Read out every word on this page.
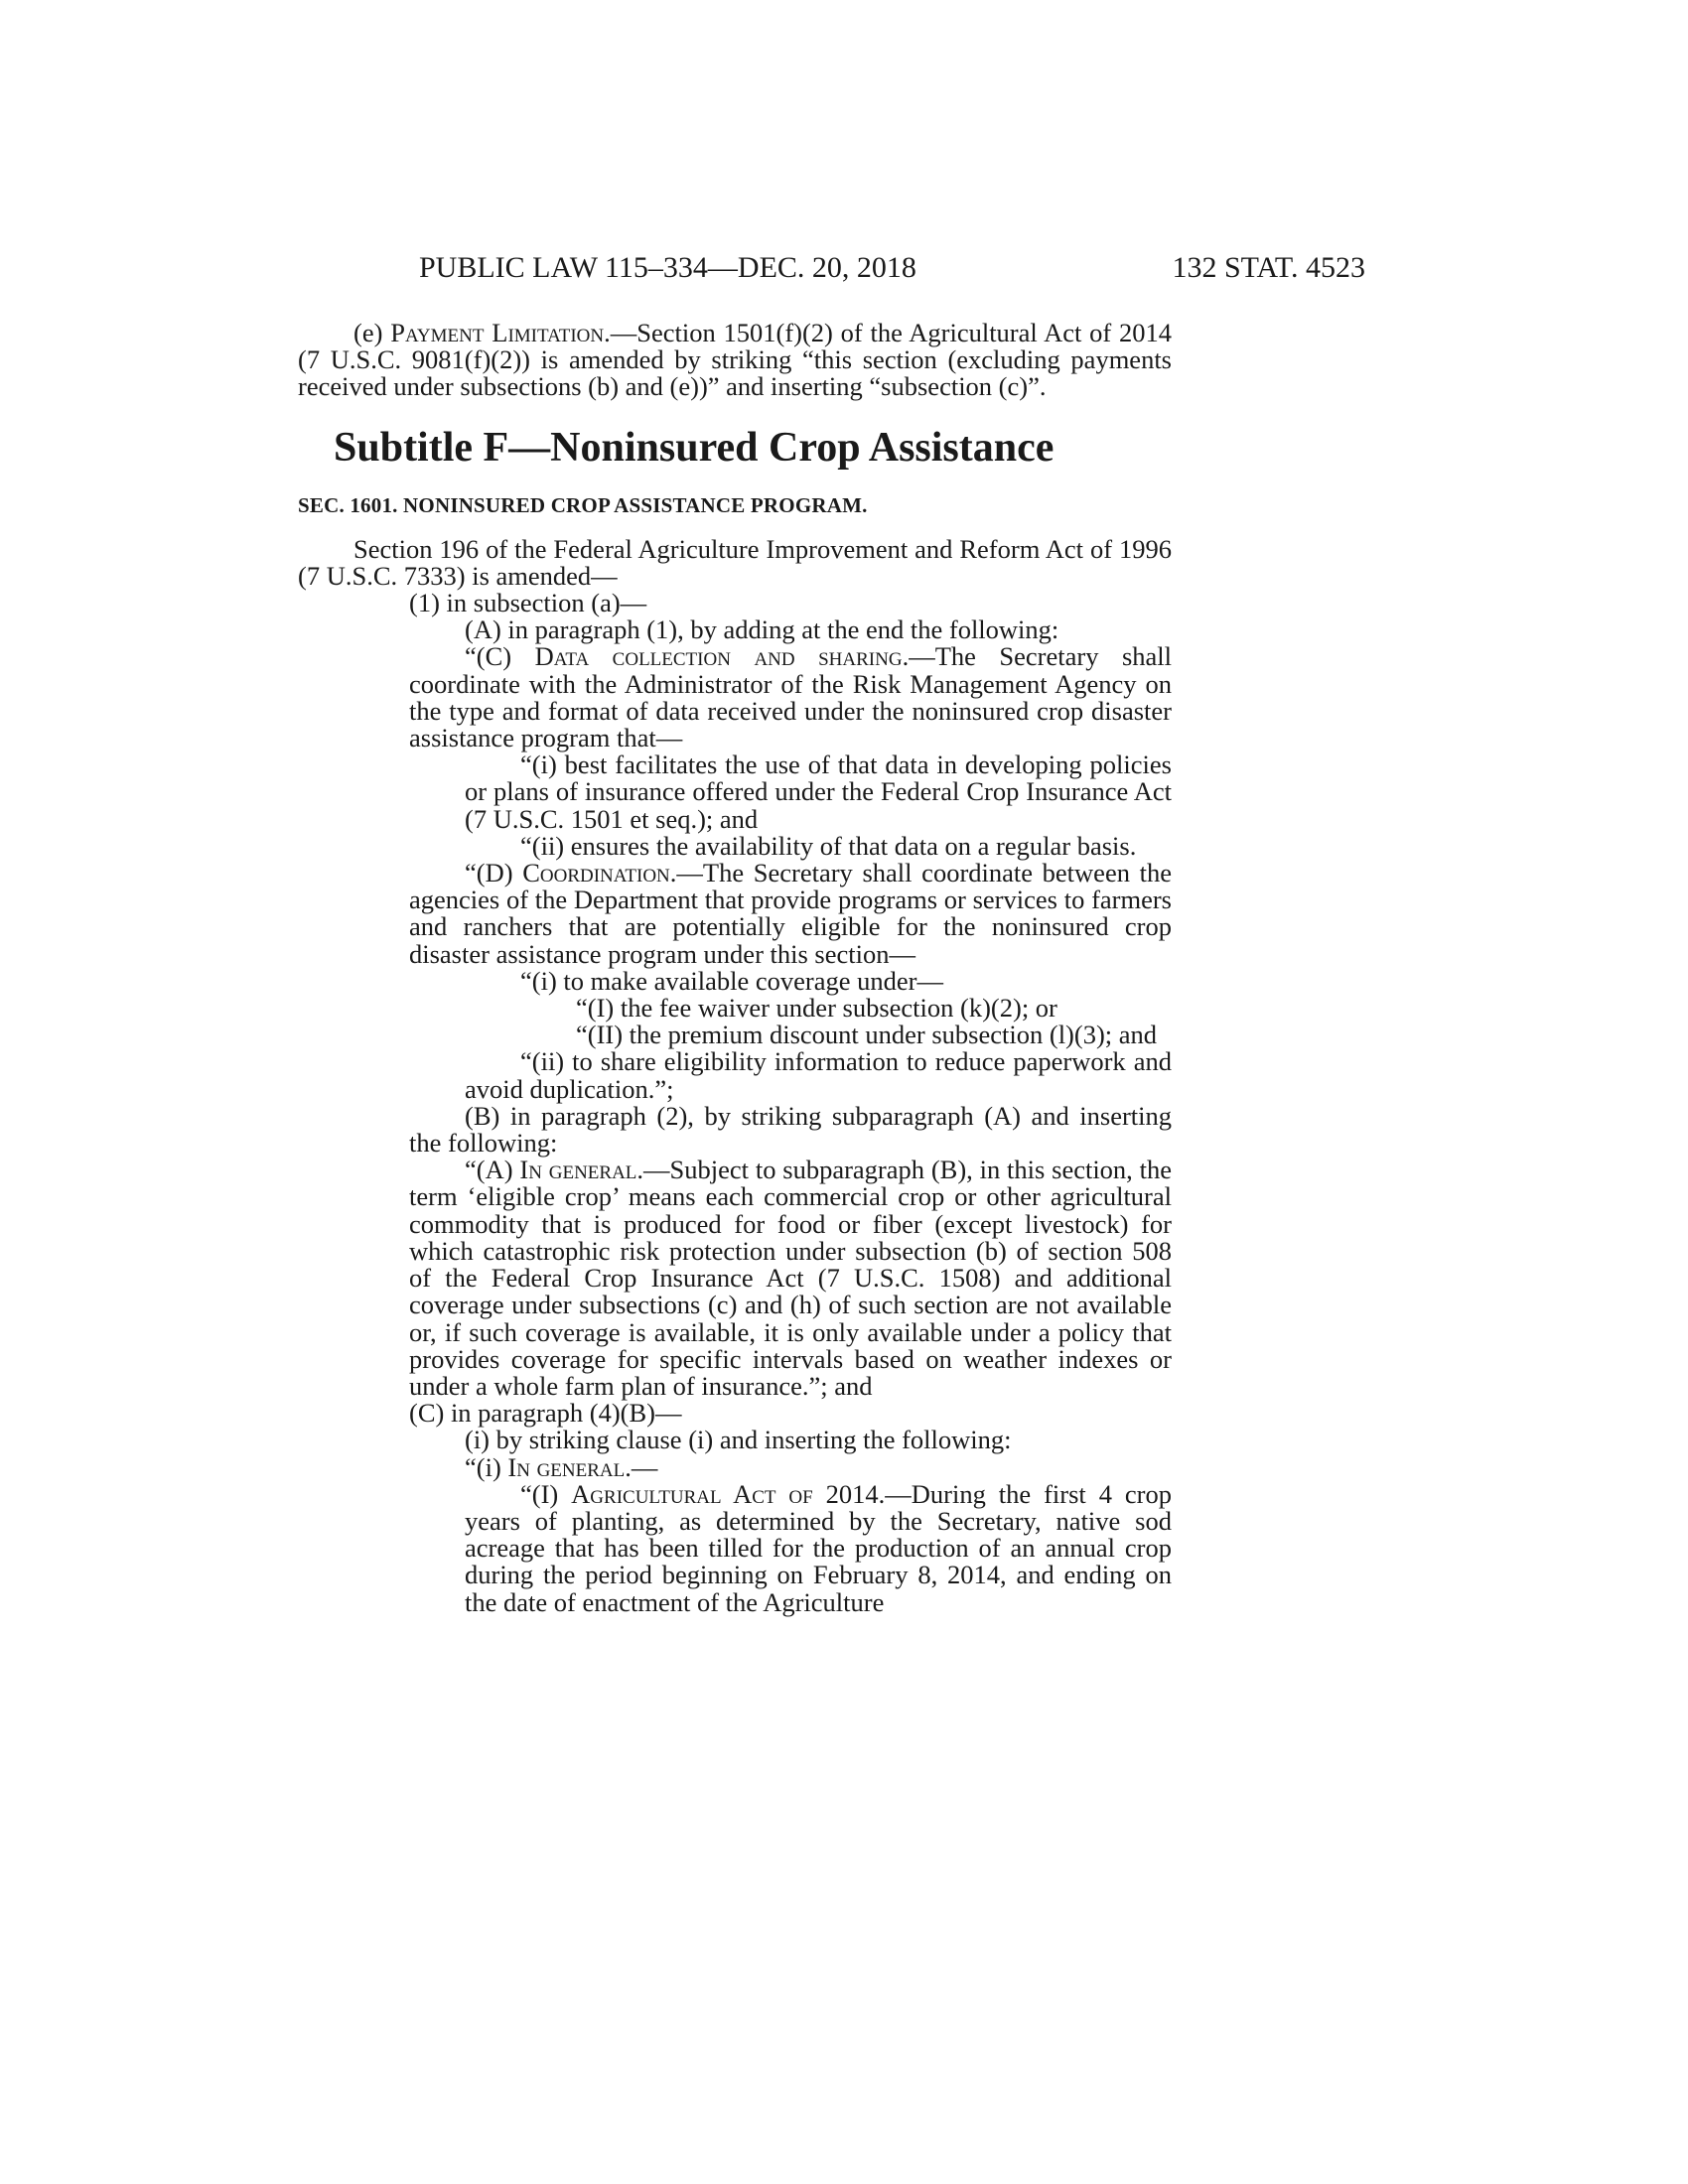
PUBLIC LAW 115–334—DEC. 20, 2018	132 STAT. 4523

(e) Payment Limitation.—Section 1501(f)(2) of the Agricultural Act of 2014 (7 U.S.C. 9081(f)(2)) is amended by striking “this section (excluding payments received under subsections (b) and (e))” and inserting “subsection (c)”.

Subtitle F—Noninsured Crop Assistance

SEC. 1601. NONINSURED CROP ASSISTANCE PROGRAM.

Section 196 of the Federal Agriculture Improvement and Reform Act of 1996 (7 U.S.C. 7333) is amended—

(1) in subsection (a)—

(A) in paragraph (1), by adding at the end the following:

“(C) Data collection and sharing.—The Secretary shall coordinate with the Administrator of the Risk Management Agency on the type and format of data received under the noninsured crop disaster assistance program that—

“(i) best facilitates the use of that data in developing policies or plans of insurance offered under the Federal Crop Insurance Act (7 U.S.C. 1501 et seq.); and

“(ii) ensures the availability of that data on a regular basis.

“(D) Coordination.—The Secretary shall coordinate between the agencies of the Department that provide programs or services to farmers and ranchers that are potentially eligible for the noninsured crop disaster assistance program under this section—

“(i) to make available coverage under—

“(I) the fee waiver under subsection (k)(2); or

“(II) the premium discount under subsection (l)(3); and

“(ii) to share eligibility information to reduce paperwork and avoid duplication.”;

(B) in paragraph (2), by striking subparagraph (A) and inserting the following:

“(A) In general.—Subject to subparagraph (B), in this section, the term ‘eligible crop’ means each commercial crop or other agricultural commodity that is produced for food or fiber (except livestock) for which catastrophic risk protection under subsection (b) of section 508 of the Federal Crop Insurance Act (7 U.S.C. 1508) and additional coverage under subsections (c) and (h) of such section are not available or, if such coverage is available, it is only available under a policy that provides coverage for specific intervals based on weather indexes or under a whole farm plan of insurance.”; and

(C) in paragraph (4)(B)—

(i) by striking clause (i) and inserting the following:

“(i) In general.—

“(I) Agricultural Act of 2014.—During the first 4 crop years of planting, as determined by the Secretary, native sod acreage that has been tilled for the production of an annual crop during the period beginning on February 8, 2014, and ending on the date of enactment of the Agriculture
